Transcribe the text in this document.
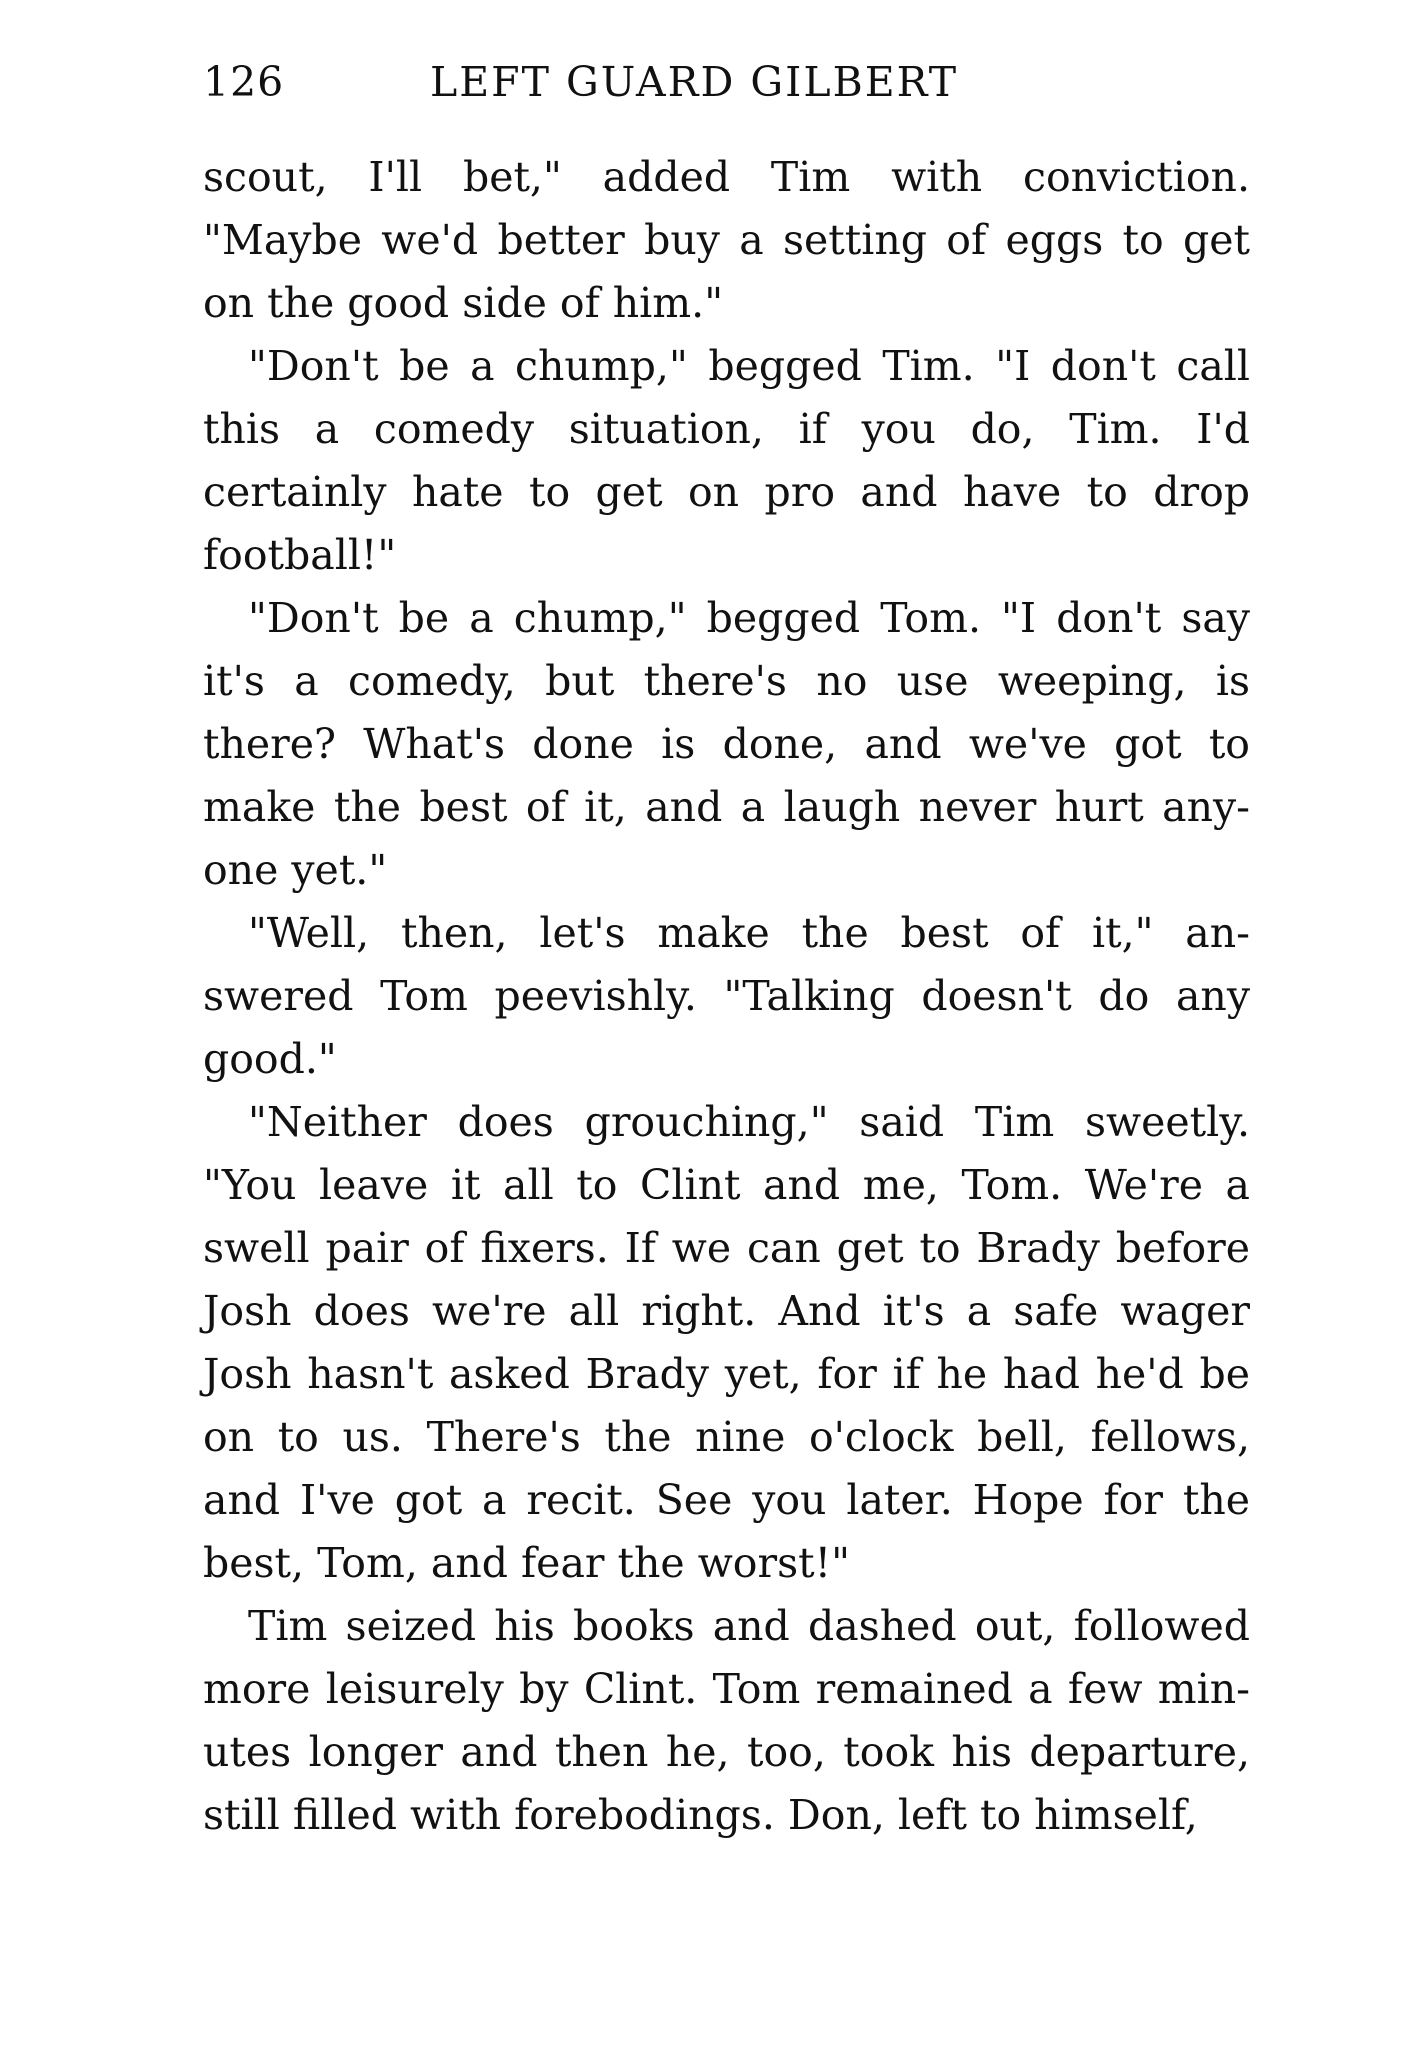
126	LEFT GUARD GILBERT

scout, I'll bet," added Tim with conviction. "Maybe we'd better buy a setting of eggs to get on the good side of him."

"Don't be a chump," begged Tim. "I don't call this a comedy situation, if you do, Tim. I'd certainly hate to get on pro and have to drop football!"

"Don't be a chump," begged Tom. "I don't say it's a comedy, but there's no use weeping, is there? What's done is done, and we've got to make the best of it, and a laugh never hurt any-one yet."

"Well, then, let's make the best of it," an-swered Tom peevishly. "Talking doesn't do any good."

"Neither does grouching," said Tim sweetly. "You leave it all to Clint and me, Tom. We're a swell pair of fixers. If we can get to Brady before Josh does we're all right. And it's a safe wager Josh hasn't asked Brady yet, for if he had he'd be on to us. There's the nine o'clock bell, fellows, and I've got a recit. See you later. Hope for the best, Tom, and fear the worst!"

Tim seized his books and dashed out, followed more leisurely by Clint. Tom remained a few min-utes longer and then he, too, took his departure, still filled with forebodings. Don, left to himself,
